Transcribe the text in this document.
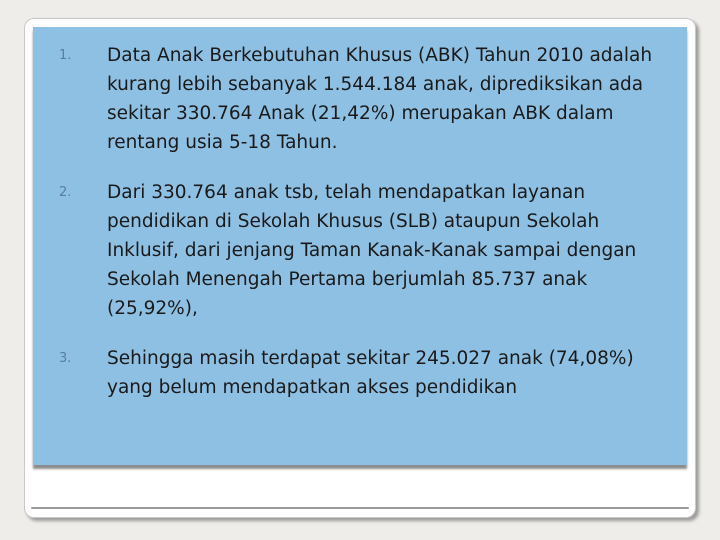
1. Data Anak Berkebutuhan Khusus (ABK) Tahun 2010 adalah kurang lebih sebanyak 1.544.184 anak, diprediksikan ada sekitar 330.764 Anak (21,42%) merupakan ABK dalam rentang usia 5-18 Tahun.
2. Dari 330.764 anak tsb, telah mendapatkan layanan pendidikan di Sekolah Khusus (SLB) ataupun Sekolah Inklusif, dari jenjang Taman Kanak-Kanak sampai dengan Sekolah Menengah Pertama berjumlah 85.737 anak (25,92%),
3. Sehingga masih terdapat sekitar 245.027 anak (74,08%) yang belum mendapatkan akses pendidikan
